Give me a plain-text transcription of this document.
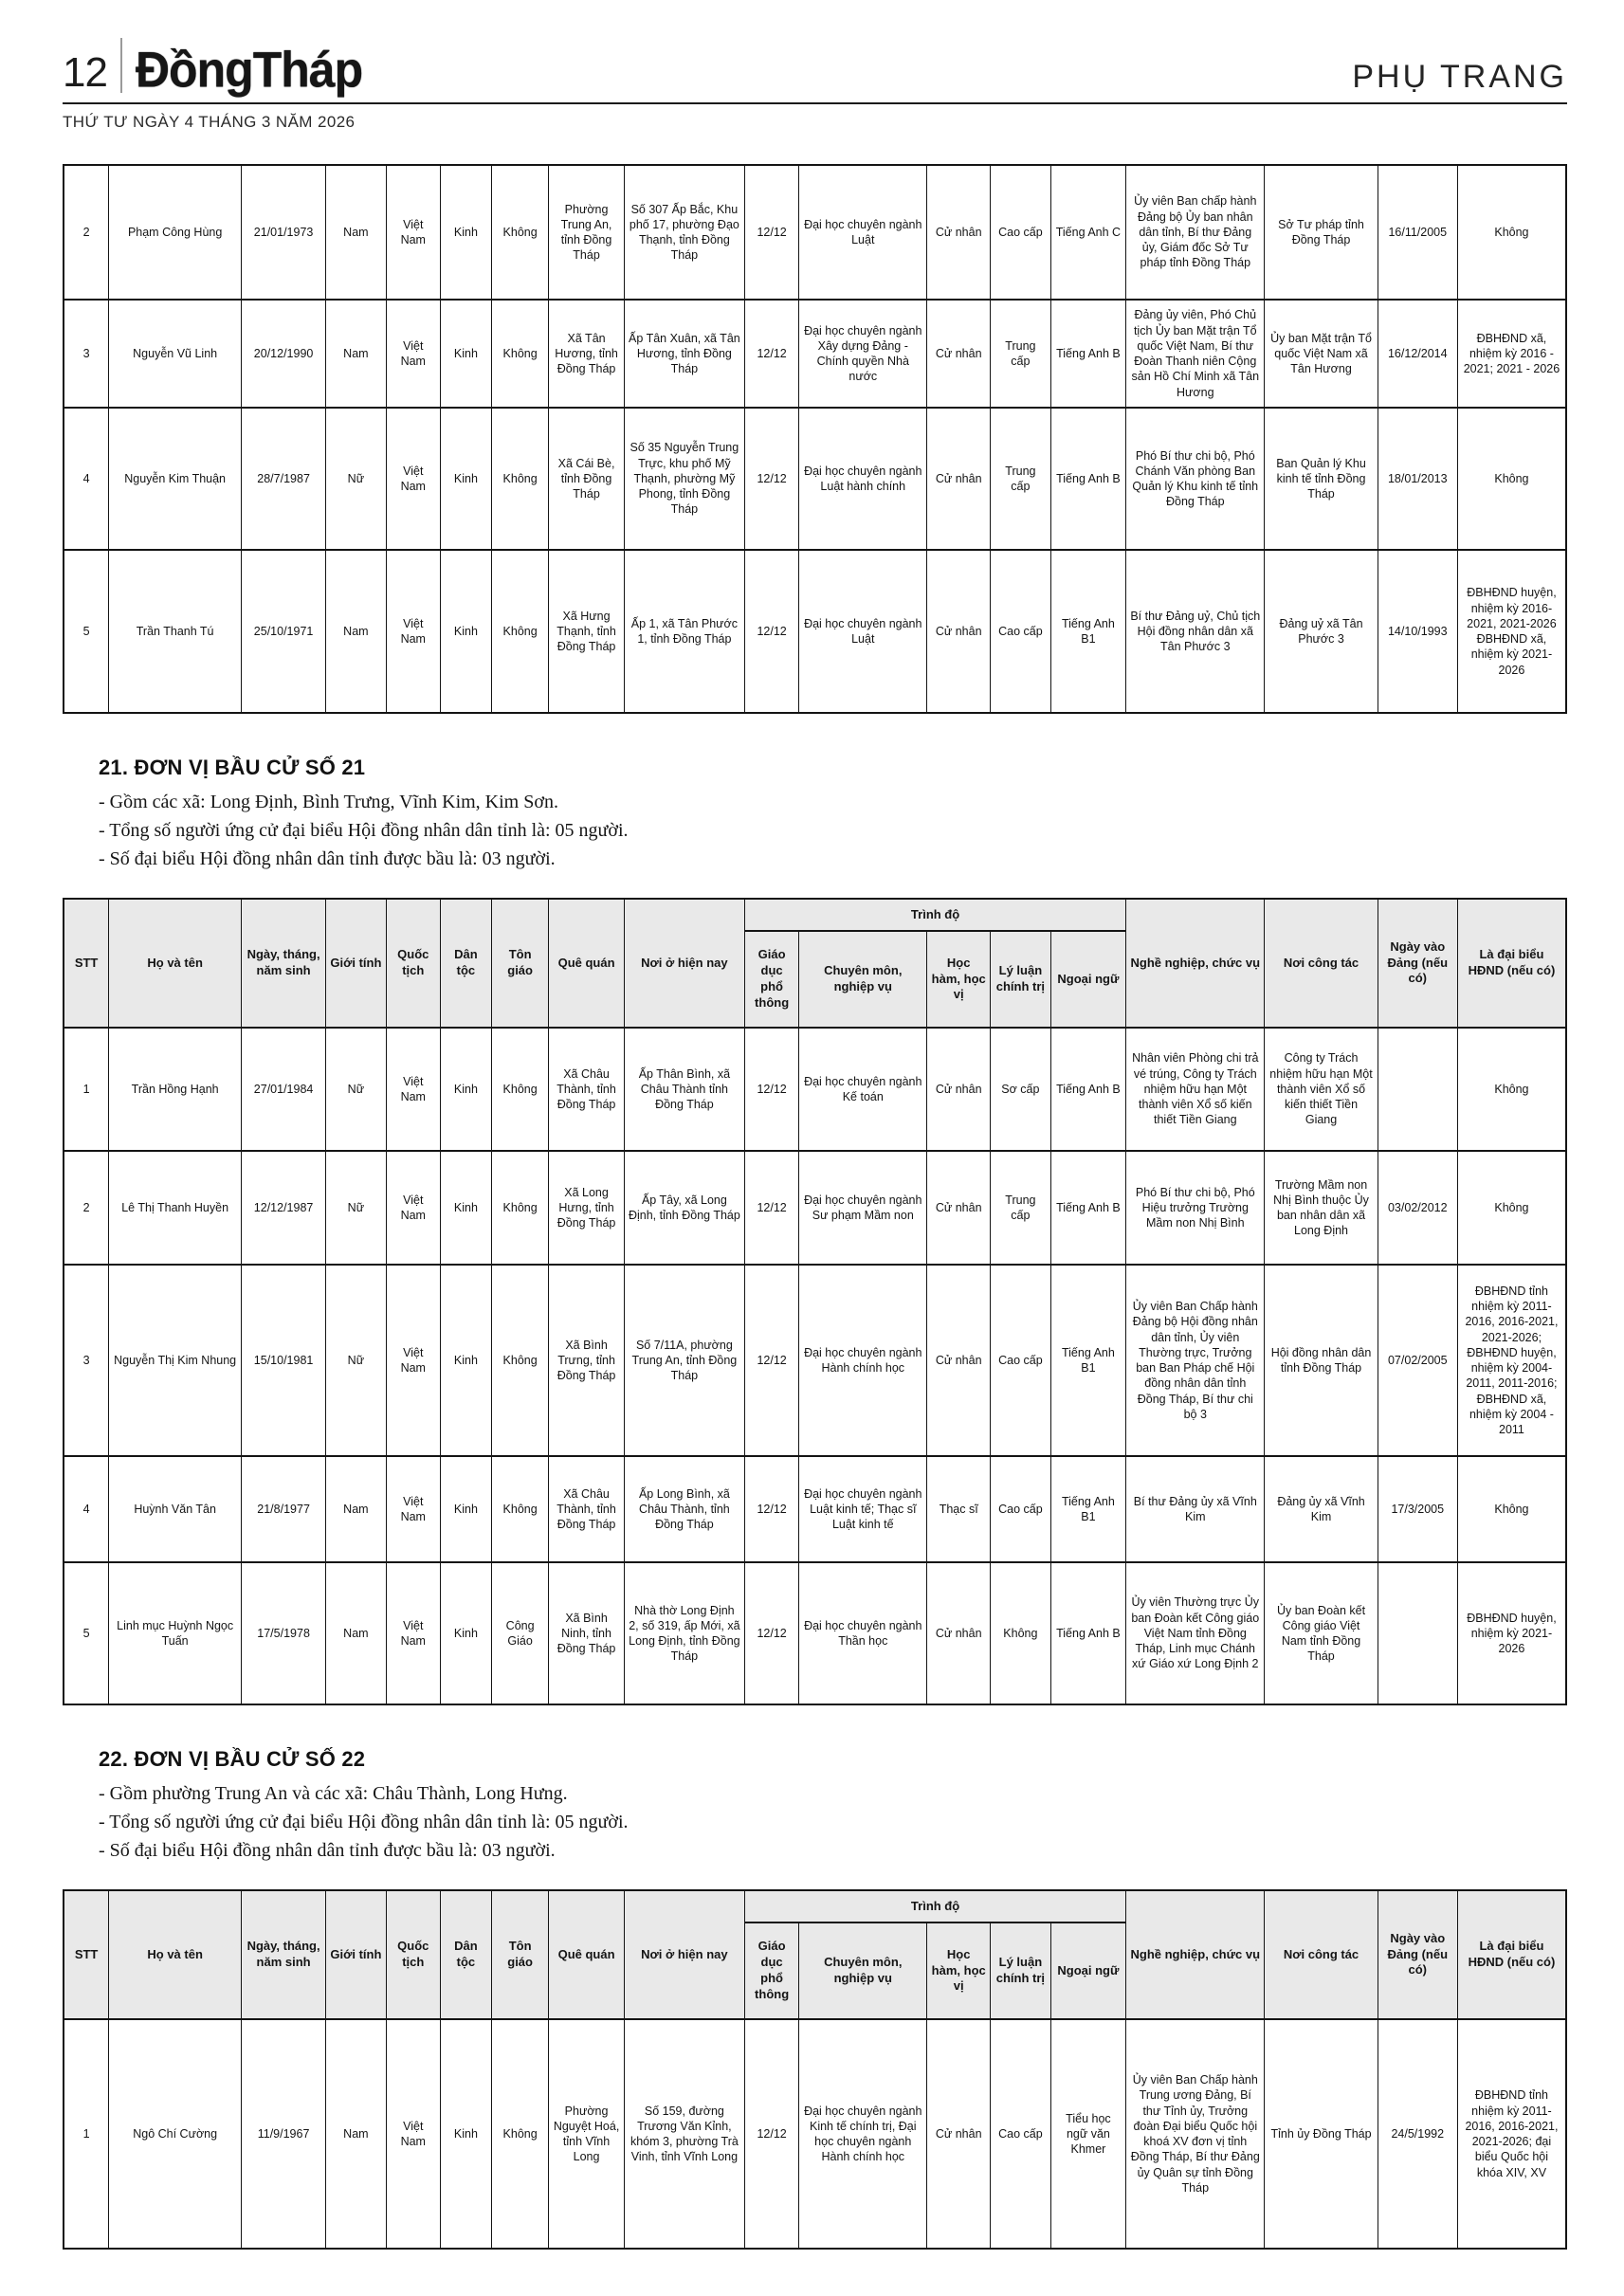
12 ĐồngTháp	PHỤ TRANG
THỨ TƯ NGÀY 4 THÁNG 3 NĂM 2026
2	Phạm Công Hùng	21/01/1973	Nam	Việt Nam	Kinh	Không	Phường Trung An, tỉnh Đồng Tháp	Số 307 Ấp Bắc, Khu phố 17, phường Đạo Thạnh, tỉnh Đồng Tháp	12/12	Đại học chuyên ngành Luật	Cử nhân	Cao cấp	Tiếng Anh C	Ủy viên Ban chấp hành Đảng bộ Ủy ban nhân dân tỉnh, Bí thư Đảng ủy, Giám đốc Sở Tư pháp tỉnh Đồng Tháp	Sở Tư pháp tỉnh Đồng Tháp	16/11/2005	Không
3	Nguyễn Vũ Linh	20/12/1990	Nam	Việt Nam	Kinh	Không	Xã Tân Hương, tỉnh Đồng Tháp	Ấp Tân Xuân, xã Tân Hương, tỉnh Đồng Tháp	12/12	Đại học chuyên ngành Xây dựng Đảng - Chính quyền Nhà nước	Cử nhân	Trung cấp	Tiếng Anh B	Đảng ủy viên, Phó Chủ tịch Ủy ban Mặt trận Tổ quốc Việt Nam, Bí thư Đoàn Thanh niên Cộng sản Hồ Chí Minh xã Tân Hương	Ủy ban Mặt trận Tổ quốc Việt Nam xã Tân Hương	16/12/2014	ĐBHĐND xã, nhiệm kỳ 2016 - 2021; 2021 - 2026
4	Nguyễn Kim Thuận	28/7/1987	Nữ	Việt Nam	Kinh	Không	Xã Cái Bè, tỉnh Đồng Tháp	Số 35 Nguyễn Trung Trực, khu phố Mỹ Thạnh, phường Mỹ Phong, tỉnh Đồng Tháp	12/12	Đại học chuyên ngành Luật hành chính	Cử nhân	Trung cấp	Tiếng Anh B	Phó Bí thư chi bộ, Phó Chánh Văn phòng Ban Quản lý Khu kinh tế tỉnh Đồng Tháp	Ban Quản lý Khu kinh tế tỉnh Đồng Tháp	18/01/2013	Không
5	Trần Thanh Tú	25/10/1971	Nam	Việt Nam	Kinh	Không	Xã Hưng Thạnh, tỉnh Đồng Tháp	Ấp 1, xã Tân Phước 1, tỉnh Đồng Tháp	12/12	Đại học chuyên ngành Luật	Cử nhân	Cao cấp	Tiếng Anh B1	Bí thư Đảng uỷ, Chủ tịch Hội đồng nhân dân xã Tân Phước 3	Đảng uỷ xã Tân Phước 3	14/10/1993	ĐBHĐND huyện, nhiệm kỳ 2016-2021, 2021-2026 ĐBHĐND xã, nhiệm kỳ 2021-2026
21. ĐƠN VỊ BẦU CỬ SỐ 21
- Gồm các xã: Long Định, Bình Trưng, Vĩnh Kim, Kim Sơn.
- Tổng số người ứng cử đại biểu Hội đồng nhân dân tỉnh là: 05 người.
- Số đại biểu Hội đồng nhân dân tỉnh được bầu là: 03 người.
STT	Họ và tên	Ngày, tháng, năm sinh	Giới tính	Quốc tịch	Dân tộc	Tôn giáo	Quê quán	Nơi ở hiện nay	Trình độ					Nghề nghiệp, chức vụ	Nơi công tác	Ngày vào Đảng (nếu có)	Là đại biểu HĐND (nếu có)
									Giáo dục phổ thông	Chuyên môn, nghiệp vụ	Học hàm, học vị	Lý luận chính trị	Ngoại ngữ				
1	Trần Hồng Hạnh	27/01/1984	Nữ	Việt Nam	Kinh	Không	Xã Châu Thành, tỉnh Đồng Tháp	Ấp Thân Bình, xã Châu Thành tỉnh Đồng Tháp	12/12	Đại học chuyên ngành Kế toán	Cử nhân	Sơ cấp	Tiếng Anh B	Nhân viên Phòng chi trả vé trúng, Công ty Trách nhiệm hữu hạn Một thành viên Xổ số kiến thiết Tiền Giang	Công ty Trách nhiệm hữu hạn Một thành viên Xổ số kiến thiết Tiền Giang		Không
2	Lê Thị Thanh Huyền	12/12/1987	Nữ	Việt Nam	Kinh	Không	Xã Long Hưng, tỉnh Đồng Tháp	Ấp Tây, xã Long Định, tỉnh Đồng Tháp	12/12	Đại học chuyên ngành Sư phạm Mầm non	Cử nhân	Trung cấp	Tiếng Anh B	Phó Bí thư chi bộ, Phó Hiệu trưởng Trường Mầm non Nhị Bình	Trường Mầm non Nhị Bình thuộc Ủy ban nhân dân xã Long Định	03/02/2012	Không
3	Nguyễn Thị Kim Nhung	15/10/1981	Nữ	Việt Nam	Kinh	Không	Xã Bình Trưng, tỉnh Đồng Tháp	Số 7/11A, phường Trung An, tỉnh Đồng Tháp	12/12	Đại học chuyên ngành Hành chính học	Cử nhân	Cao cấp	Tiếng Anh B1	Ủy viên Ban Chấp hành Đảng bộ Hội đồng nhân dân tỉnh, Ủy viên Thường trực, Trưởng ban Ban Pháp chế Hội đồng nhân dân tỉnh Đồng Tháp, Bí thư chi bộ 3	Hội đồng nhân dân tỉnh Đồng Tháp	07/02/2005	ĐBHĐND tỉnh nhiệm kỳ 2011-2016, 2016-2021, 2021-2026; ĐBHĐND huyện, nhiệm kỳ 2004-2011, 2011-2016; ĐBHĐND xã, nhiệm kỳ 2004 - 2011
4	Huỳnh Văn Tân	21/8/1977	Nam	Việt Nam	Kinh	Không	Xã Châu Thành, tỉnh Đồng Tháp	Ấp Long Bình, xã Châu Thành, tỉnh Đồng Tháp	12/12	Đại học chuyên ngành Luật kinh tế; Thạc sĩ Luật kinh tế	Thạc sĩ	Cao cấp	Tiếng Anh B1	Bí thư Đảng ủy xã Vĩnh Kim	Đảng ủy xã Vĩnh Kim	17/3/2005	Không
5	Linh mục Huỳnh Ngọc Tuấn	17/5/1978	Nam	Việt Nam	Kinh	Công Giáo	Xã Bình Ninh, tỉnh Đồng Tháp	Nhà thờ Long Định 2, số 319, ấp Mới, xã Long Định, tỉnh Đồng Tháp	12/12	Đại học chuyên ngành Thần học	Cử nhân	Không	Tiếng Anh B	Ủy viên Thường trực Ủy ban Đoàn kết Công giáo Việt Nam tỉnh Đồng Tháp, Linh mục Chánh xứ Giáo xứ Long Định 2	Ủy ban Đoàn kết Công giáo Việt Nam tỉnh Đồng Tháp		ĐBHĐND huyện, nhiệm kỳ 2021-2026
22. ĐƠN VỊ BẦU CỬ SỐ 22
- Gồm phường Trung An và các xã: Châu Thành, Long Hưng.
- Tổng số người ứng cử đại biểu Hội đồng nhân dân tỉnh là: 05 người.
- Số đại biểu Hội đồng nhân dân tỉnh được bầu là: 03 người.
STT	Họ và tên	Ngày, tháng, năm sinh	Giới tính	Quốc tịch	Dân tộc	Tôn giáo	Quê quán	Nơi ở hiện nay	Trình độ					Nghề nghiệp, chức vụ	Nơi công tác	Ngày vào Đảng (nếu có)	Là đại biểu HĐND (nếu có)
									Giáo dục phổ thông	Chuyên môn, nghiệp vụ	Học hàm, học vị	Lý luận chính trị	Ngoại ngữ				
1	Ngô Chí Cường	11/9/1967	Nam	Việt Nam	Kinh	Không	Phường Nguyệt Hoá, tỉnh Vĩnh Long	Số 159, đường Trương Văn Kỉnh, khóm 3, phường Trà Vinh, tỉnh Vĩnh Long	12/12	Đại học chuyên ngành Kinh tế chính trị, Đại học chuyên ngành Hành chính học	Cử nhân	Cao cấp	Tiểu học ngữ văn Khmer	Ủy viên Ban Chấp hành Trung ương Đảng, Bí thư Tỉnh ủy, Trưởng đoàn Đại biểu Quốc hội khoá XV đơn vị tỉnh Đồng Tháp, Bí thư Đảng ủy Quân sự tỉnh Đồng Tháp	Tỉnh ủy Đồng Tháp	24/5/1992	ĐBHĐND tỉnh nhiệm kỳ 2011-2016, 2016-2021, 2021-2026; đại biểu Quốc hội khóa XIV, XV
